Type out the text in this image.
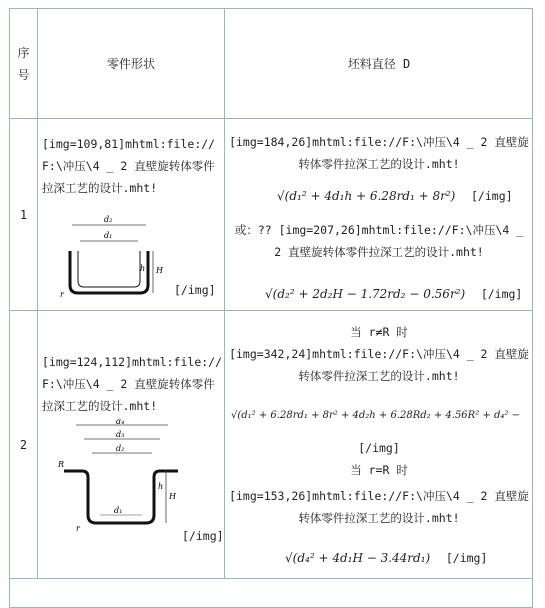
序
号
零件形状	坯料直径 D
1
[img=109,81]mhtml:file://F:\冲压\4 _ 2 直壁旋转体零件拉深工艺的设计.mht!
d₂
d₁
H
h
r	[/img]
[img=184,26]mhtml:file://F:\冲压\4 _ 2 直壁旋转体零件拉深工艺的设计.mht!
√(d₁² + 4d₁h + 6.28rd₁ + 8r²) [/img]
或：?? [img=207,26]mhtml:file://F:\冲压\4 _ 2 直壁旋转体零件拉深工艺的设计.mht!
√(d₂² + 2d₂H − 1.72rd₂ − 0.56r²) [/img]
2
[img=124,112]mhtml:file://F:\冲压\4 _ 2 直壁旋转体零件拉深工艺的设计.mht!
d₄
d₃
d₂
d₁
H
h
R
r
[/img]
当 r≠R 时
[img=342,24]mhtml:file://F:\冲压\4 _ 2 直壁旋转体零件拉深工艺的设计.mht!
√(d₁² + 6.28rd₁ + 8r² + 4d₂h + 6.28Rd₂ + 4.56R² + d₄² −
[/img]
当 r=R 时
[img=153,26]mhtml:file://F:\冲压\4 _ 2 直壁旋转体零件拉深工艺的设计.mht!
√(d₄² + 4d₁H − 3.44rd₁) [/img]
